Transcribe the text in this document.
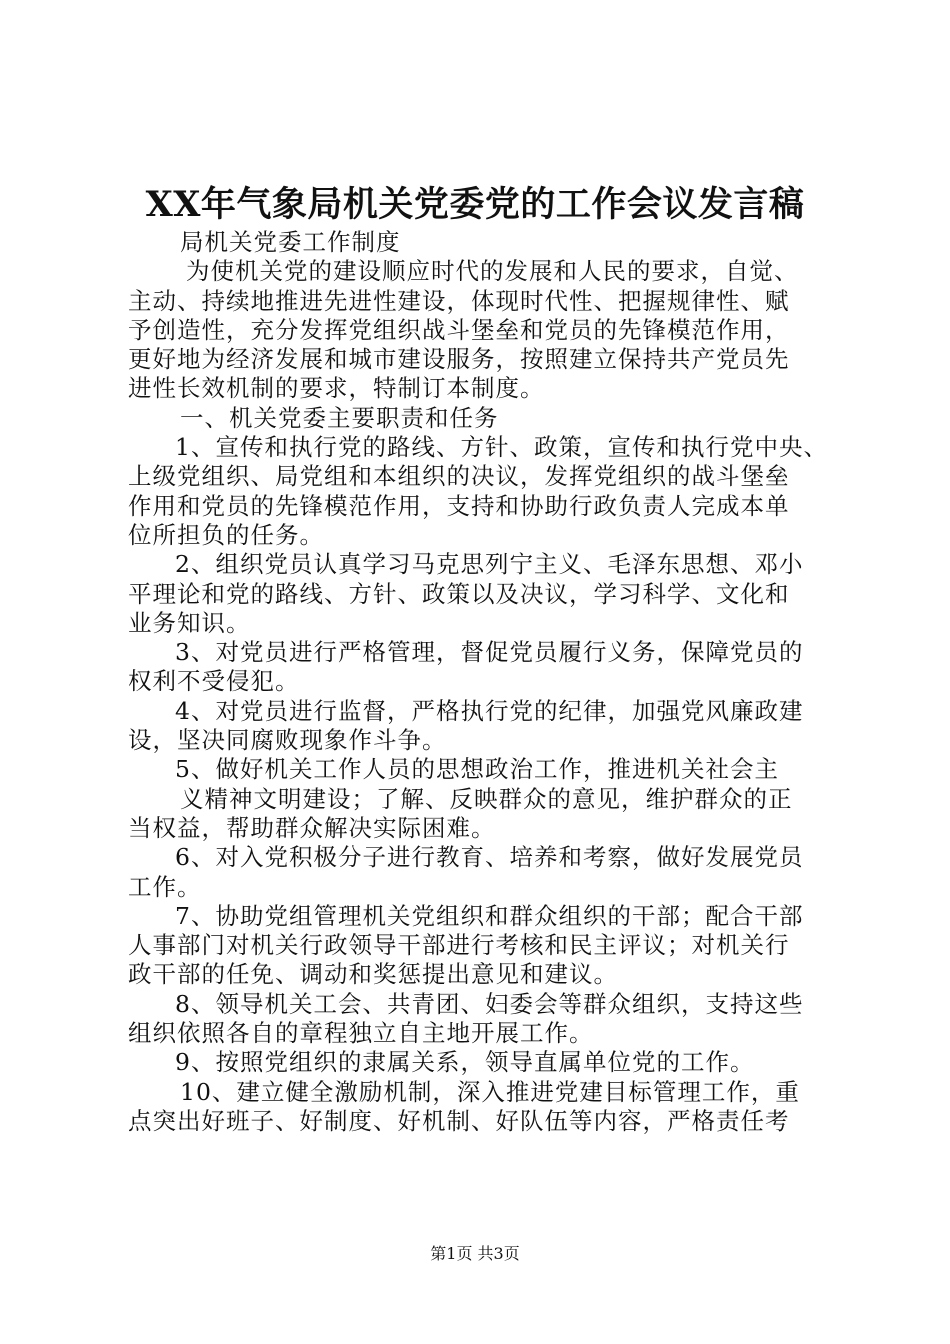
XX年气象局机关党委党的工作会议发言稿
局机关党委工作制度
为使机关党的建设顺应时代的发展和人民的要求，自觉、
主动、持续地推进先进性建设，体现时代性、把握规律性、赋
予创造性，充分发挥党组织战斗堡垒和党员的先锋模范作用，
更好地为经济发展和城市建设服务，按照建立保持共产党员先
进性长效机制的要求，特制订本制度。
一、机关党委主要职责和任务
1、宣传和执行党的路线、方针、政策，宣传和执行党中央、
上级党组织、局党组和本组织的决议，发挥党组织的战斗堡垒
作用和党员的先锋模范作用，支持和协助行政负责人完成本单
位所担负的任务。
2、组织党员认真学习马克思列宁主义、毛泽东思想、邓小
平理论和党的路线、方针、政策以及决议，学习科学、文化和
业务知识。
3、对党员进行严格管理，督促党员履行义务，保障党员的
权利不受侵犯。
4、对党员进行监督，严格执行党的纪律，加强党风廉政建
设，坚决同腐败现象作斗争。
5、做好机关工作人员的思想政治工作，推进机关社会主
义精神文明建设；了解、反映群众的意见，维护群众的正
当权益，帮助群众解决实际困难。
6、对入党积极分子进行教育、培养和考察，做好发展党员
工作。
7、协助党组管理机关党组织和群众组织的干部；配合干部
人事部门对机关行政领导干部进行考核和民主评议；对机关行
政干部的任免、调动和奖惩提出意见和建议。
8、领导机关工会、共青团、妇委会等群众组织，支持这些
组织依照各自的章程独立自主地开展工作。
9、按照党组织的隶属关系，领导直属单位党的工作。
10、建立健全激励机制，深入推进党建目标管理工作，重
点突出好班子、好制度、好机制、好队伍等内容，严格责任考
第1页 共3页
